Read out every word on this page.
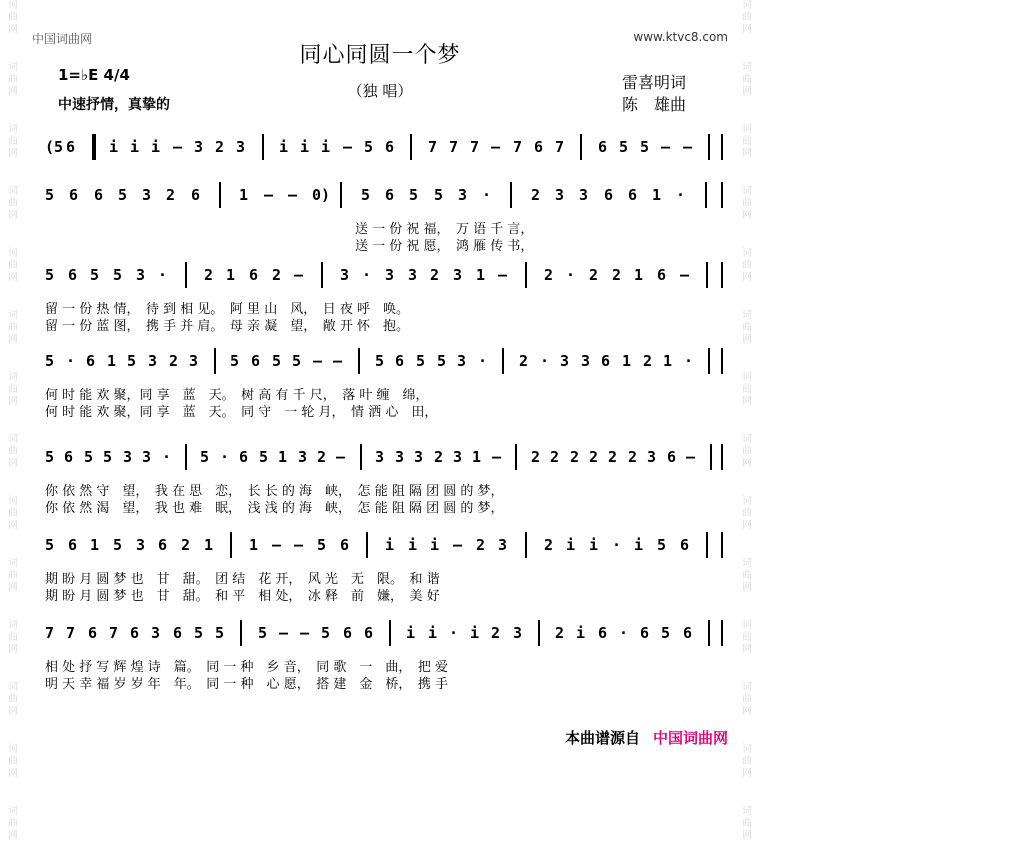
词
曲
网
词
曲
网
词
曲
网
词
曲
网
词
曲
网
词
曲
网
词
曲
网
词
曲
网
词
曲
网
词
曲
网
词
曲
网
词
曲
网
词
曲
网
词
曲
网
词
曲
网
词
曲
网
词
曲
网
词
曲
网
词
曲
网
词
曲
网
词
曲
网
词
曲
网
词
曲
网
词
曲
网
词
曲
网
词
曲
网
词
曲
网
词
曲
网
中国词曲网	www.ktvc8.com
同心同圆一个梦
（独 唱）
1=♭E 4/4
中速抒情，真挚的
雷喜明词
陈　雄曲
(5 6 i i i – 3 2 3 i i i – 5 6 7 7 7 – 7 6 7 6 5 5 – –
5 6 6 5 3 2 6	1 – – 0) 5 6 5 5 3 ·	2 3 3 6 6 1 ·
送 一 份 祝 福，　万 语 千 言，
送 一 份 祝 愿，　鸿 雁 传 书，
5 6 5 5 3 · 2 1 6 2 – 3 · 3 3 2 3 1 – 2 · 2 2 1 6 –
留 一 份 热 情，　待 到 相 见。　阿 里 山　风，　日 夜 呼　唤。
留 一 份 蓝 图，　携 手 并 肩。　母 亲 凝　望，　敞 开 怀　抱。
5 · 6 1 5 3 2 3 5 6 5 5 – – 5 6 5 5 3 · 2 · 3 3 6 1 2 1 ·
何 时 能 欢 聚，同 享　蓝　天。　树 高 有 千 尺，　落 叶 缠　绵，
何 时 能 欢 聚，同 享　蓝　天。　同 守　一 轮 月，　情 洒 心　田，
5 6 5 5 3 3 · 5 · 6 5 1 3 2 – 3 3 3 2 3 1 – 2 2 2 2 2 2 3 6 –
你 依 然 守　望，　我 在 思　恋，　长 长 的 海　峡，　怎 能 阻 隔 团 圆 的 梦，
你 依 然 渴　望，　我 也 难　眠，　浅 浅 的 海　峡，　怎 能 阻 隔 团 圆 的 梦，
5 6 1 5 3 6 2 1 1 – – 5 6 i i i – 2 3 2 i i · i 5 6
期 盼 月 圆 梦 也　甘　甜。　团 结　花 开，　风 光　无　限。　和 谐
期 盼 月 圆 梦 也　甘　甜。　和 平　相 处，　冰 释　前　嫌，　美 好
7 7 6 7 6 3 6 5 5 5 – – 5 6 6 i i · i 2 3 2 i 6 · 6 5 6
相 处 抒 写 辉 煌 诗　篇。　同 一 种　乡 音，　同 歌　一　曲，　把 爱
明 天 幸 福 岁 岁 年　年。　同 一 种　心 愿，　搭 建　金　桥，　携 手
本曲谱源自 中国词曲网
